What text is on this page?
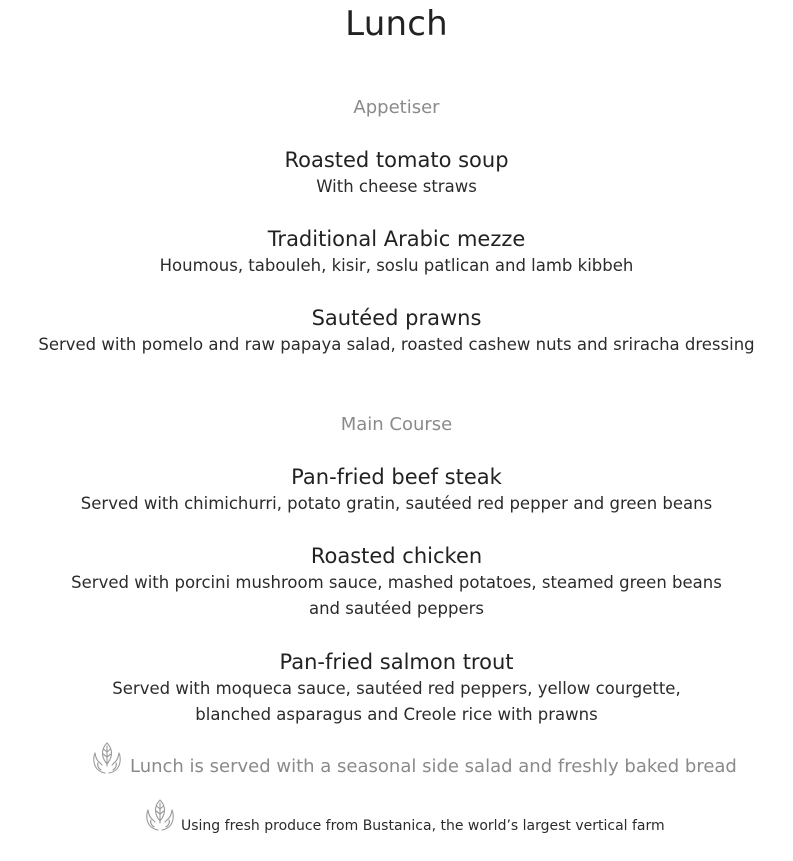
Lunch
Appetiser
Roasted tomato soup
With cheese straws
Traditional Arabic mezze
Houmous, tabouleh, kisir, soslu patlican and lamb kibbeh
Sautéed prawns
Served with pomelo and raw papaya salad, roasted cashew nuts and sriracha dressing
Main Course
Pan-fried beef steak
Served with chimichurri, potato gratin, sautéed red pepper and green beans
Roasted chicken
Served with porcini mushroom sauce, mashed potatoes, steamed green beans
and sautéed peppers
Pan-fried salmon trout
Served with moqueca sauce, sautéed red peppers, yellow courgette,
blanched asparagus and Creole rice with prawns
Lunch is served with a seasonal side salad and freshly baked bread
Using fresh produce from Bustanica, the world’s largest vertical farm
